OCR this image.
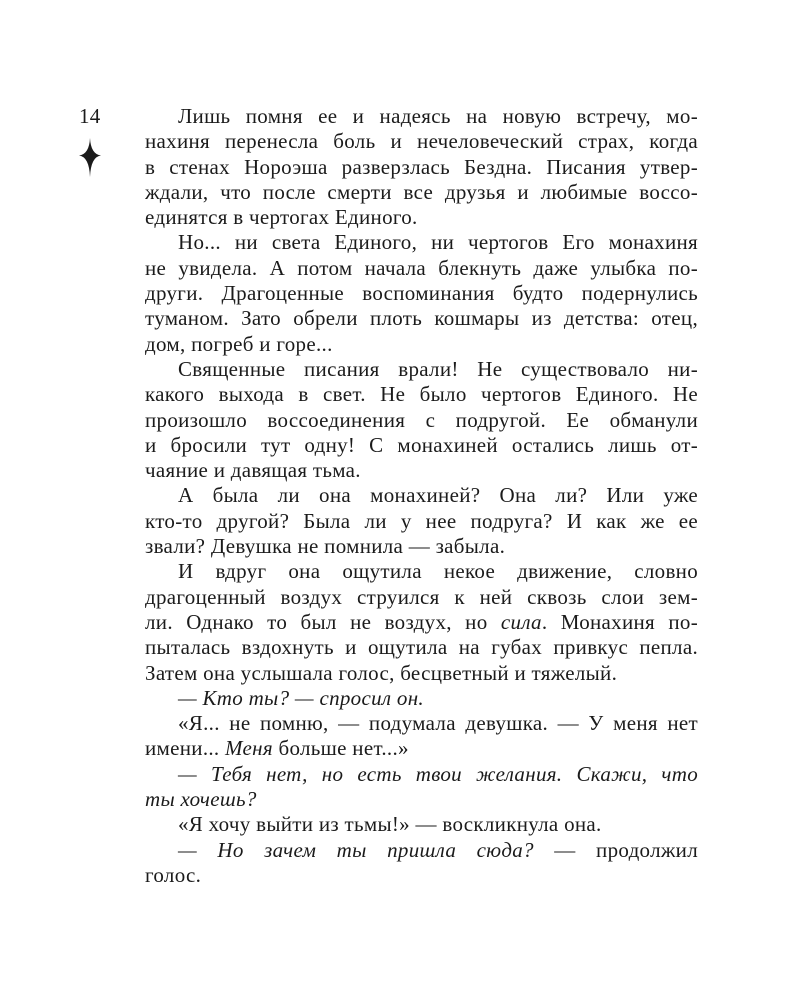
14	Лишь помня ее и надеясь на новую встречу, мо-
нахиня перенесла боль и нечеловеческий страх, когда
в стенах Нороэша разверзлась Бездна. Писания утвер-
ждали, что после смерти все друзья и любимые воссо-
единятся в чертогах Единого.
Но... ни света Единого, ни чертогов Его монахиня
не увидела. А потом начала блекнуть даже улыбка по-
други. Драгоценные воспоминания будто подернулись
туманом. Зато обрели плоть кошмары из детства: отец,
дом, погреб и горе...
Священные писания врали! Не существовало ни-
какого выхода в свет. Не было чертогов Единого. Не
произошло воссоединения с подругой. Ее обманули
и бросили тут одну! С монахиней остались лишь от-
чаяние и давящая тьма.
А была ли она монахиней? Она ли? Или уже
кто-то другой? Была ли у нее подруга? И как же ее
звали? Девушка не помнила — забыла.
И вдруг она ощутила некое движение, словно
драгоценный воздух струился к ней сквозь слои зем-
ли. Однако то был не воздух, но сила. Монахиня по-
пыталась вздохнуть и ощутила на губах привкус пепла.
Затем она услышала голос, бесцветный и тяжелый.
— Кто ты? — спросил он.
«Я... не помню, — подумала девушка. — У меня нет
имени... Меня больше нет...»
— Тебя нет, но есть твои желания. Скажи, что
ты хочешь?
«Я хочу выйти из тьмы!» — воскликнула она.
— Но зачем ты пришла сюда? — продолжил
голос.
